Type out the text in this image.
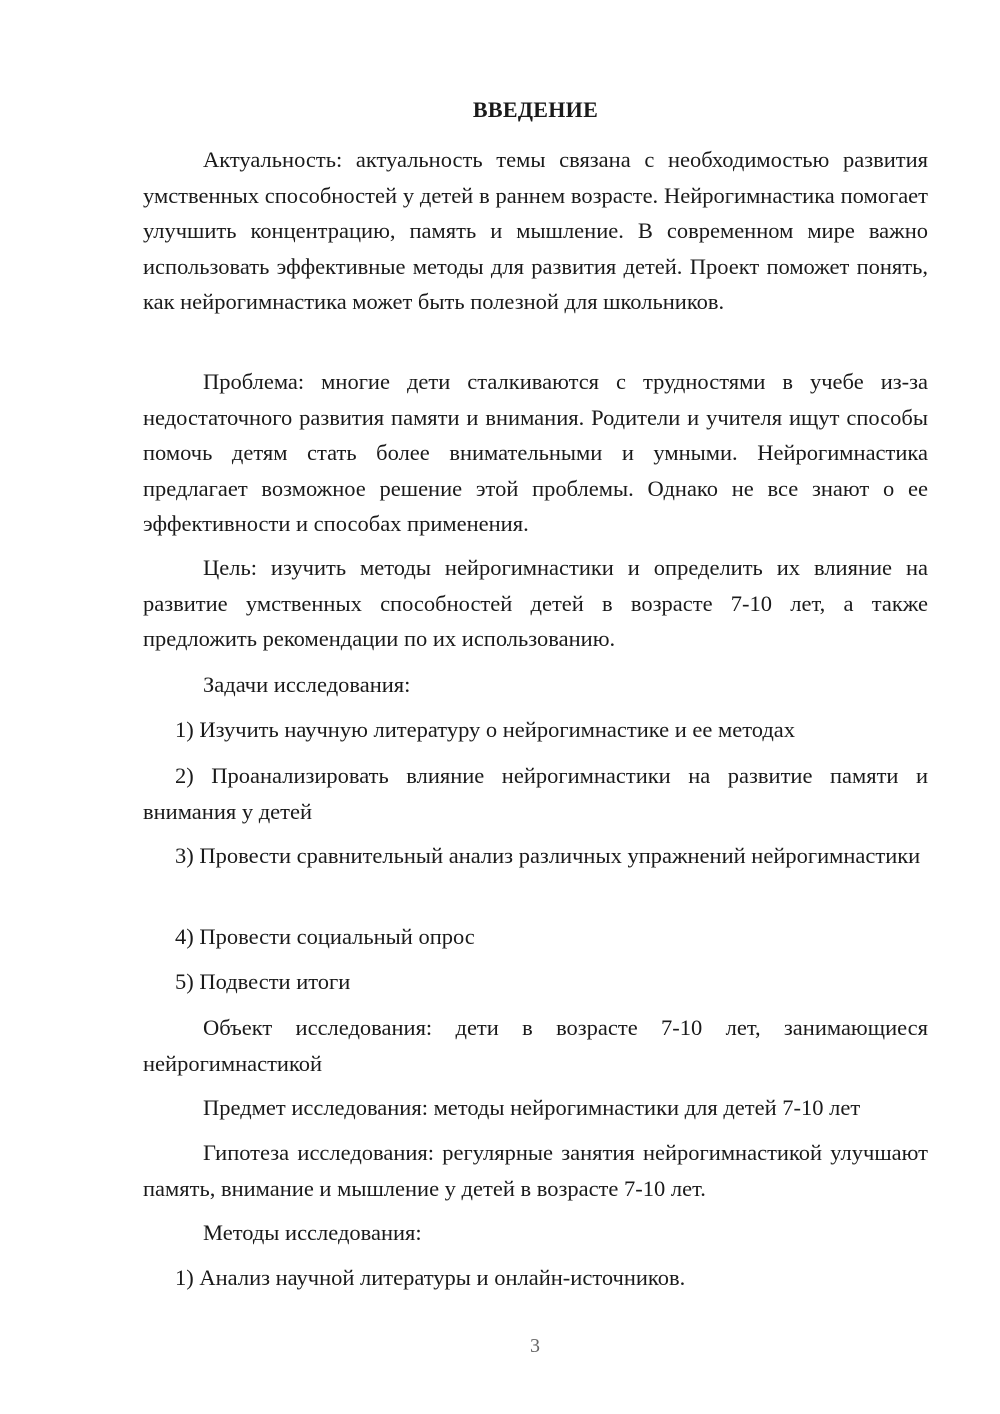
ВВЕДЕНИЕ

Актуальность: актуальность темы связана с необходимостью развития умственных способностей у детей в раннем возрасте. Нейрогимнастика помогает улучшить концентрацию, память и мышление. В современном мире важно использовать эффективные методы для развития детей. Проект поможет понять, как нейрогимнастика может быть полезной для школьников.

Проблема: многие дети сталкиваются с трудностями в учебе из-за недостаточного развития памяти и внимания. Родители и учителя ищут способы помочь детям стать более внимательными и умными. Нейрогимнастика предлагает возможное решение этой проблемы. Однако не все знают о ее эффективности и способах применения.

Цель: изучить методы нейрогимнастики и определить их влияние на развитие умственных способностей детей в возрасте 7-10 лет, а также предложить рекомендации по их использованию.

Задачи исследования:

1) Изучить научную литературу о нейрогимнастике и ее методах

2) Проанализировать влияние нейрогимнастики на развитие памяти и внимания у детей

3) Провести сравнительный анализ различных упражнений нейрогимнастики

4) Провести социальный опрос

5) Подвести итоги

Объект исследования: дети в возрасте 7-10 лет, занимающиеся нейрогимнастикой

Предмет исследования: методы нейрогимнастики для детей 7-10 лет

Гипотеза исследования: регулярные занятия нейрогимнастикой улучшают память, внимание и мышление у детей в возрасте 7-10 лет.

Методы исследования:

1) Анализ научной литературы и онлайн-источников.

3
